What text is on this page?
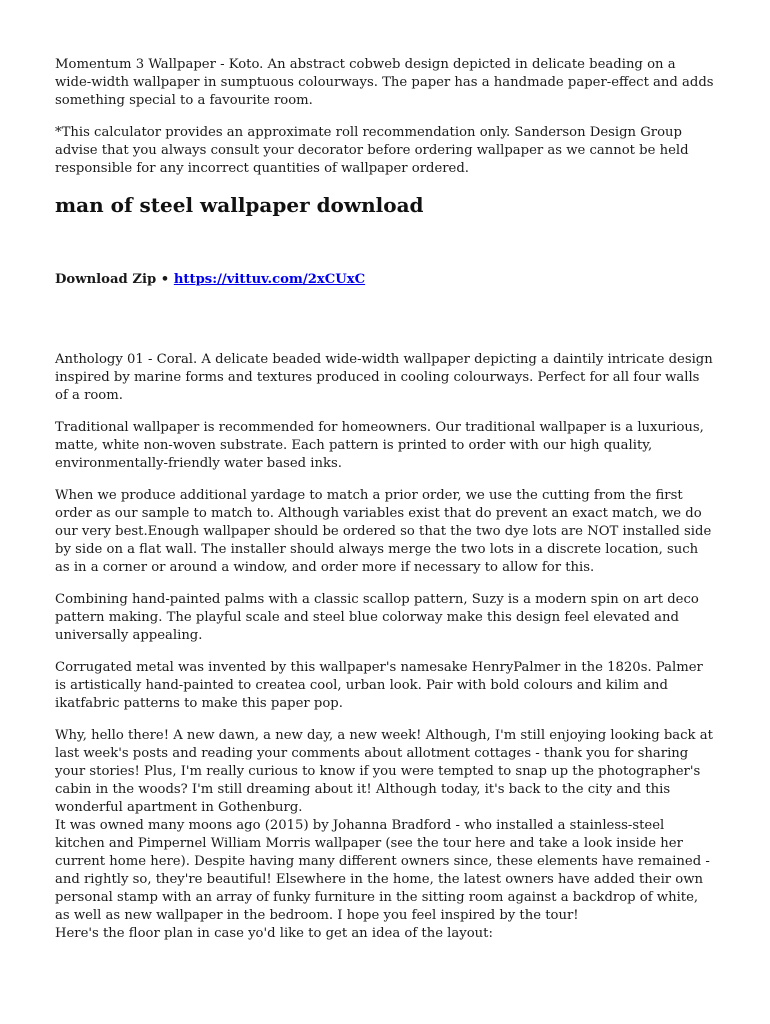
Momentum 3 Wallpaper - Koto. An abstract cobweb design depicted in delicate beading on a wide-width wallpaper in sumptuous colourways. The paper has a handmade paper-effect and adds something special to a favourite room.

*This calculator provides an approximate roll recommendation only. Sanderson Design Group advise that you always consult your decorator before ordering wallpaper as we cannot be held responsible for any incorrect quantities of wallpaper ordered.

man of steel wallpaper download
Download Zip • https://vittuv.com/2xCUxC

Anthology 01 - Coral. A delicate beaded wide-width wallpaper depicting a daintily intricate design inspired by marine forms and textures produced in cooling colourways. Perfect for all four walls of a room.

Traditional wallpaper is recommended for homeowners. Our traditional wallpaper is a luxurious, matte, white non-woven substrate. Each pattern is printed to order with our high quality, environmentally-friendly water based inks.

When we produce additional yardage to match a prior order, we use the cutting from the first order as our sample to match to. Although variables exist that do prevent an exact match, we do our very best.Enough wallpaper should be ordered so that the two dye lots are NOT installed side by side on a flat wall. The installer should always merge the two lots in a discrete location, such as in a corner or around a window, and order more if necessary to allow for this.

Combining hand-painted palms with a classic scallop pattern, Suzy is a modern spin on art deco pattern making. The playful scale and steel blue colorway make this design feel elevated and universally appealing.

Corrugated metal was invented by this wallpaper's namesake HenryPalmer in the 1820s. Palmer is artistically hand-painted to createa cool, urban look. Pair with bold colours and kilim and ikatfabric patterns to make this paper pop.

Why, hello there! A new dawn, a new day, a new week! Although, I'm still enjoying looking back at last week's posts and reading your comments about allotment cottages - thank you for sharing your stories! Plus, I'm really curious to know if you were tempted to snap up the photographer's cabin in the woods? I'm still dreaming about it! Although today, it's back to the city and this wonderful apartment in Gothenburg.

It was owned many moons ago (2015) by Johanna Bradford - who installed a stainless-steel kitchen and Pimpernel William Morris wallpaper (see the tour here and take a look inside her current home here). Despite having many different owners since, these elements have remained - and rightly so, they're beautiful! Elsewhere in the home, the latest owners have added their own personal stamp with an array of funky furniture in the sitting room against a backdrop of white, as well as new wallpaper in the bedroom. I hope you feel inspired by the tour!

Here's the floor plan in case yo'd like to get an idea of the layout:
